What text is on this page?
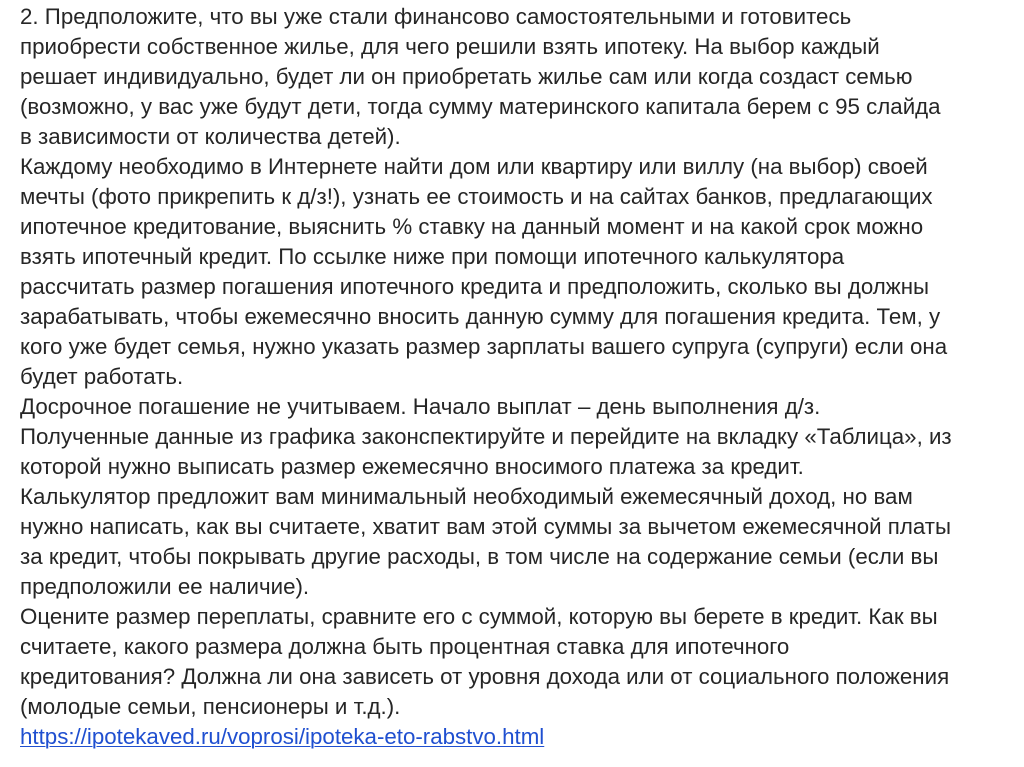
2. Предположите, что вы уже стали финансово самостоятельными и готовитесь
приобрести собственное жилье, для чего решили взять ипотеку. На выбор каждый
решает индивидуально, будет ли он приобретать жилье сам или когда создаст семью
(возможно, у вас уже будут дети, тогда сумму материнского капитала берем с 95 слайда
в зависимости от количества детей).
Каждому необходимо в Интернете найти дом или квартиру или виллу (на выбор) своей
мечты (фото прикрепить к д/з!), узнать ее стоимость и на сайтах банков, предлагающих
ипотечное кредитование, выяснить % ставку на данный момент и на какой срок можно
взять ипотечный кредит. По ссылке ниже при помощи ипотечного калькулятора
рассчитать размер погашения ипотечного кредита и предположить, сколько вы должны
зарабатывать, чтобы ежемесячно вносить данную сумму для погашения кредита. Тем, у
кого уже будет семья, нужно указать размер зарплаты вашего супруга (супруги) если она
будет работать.
Досрочное погашение не учитываем. Начало выплат – день выполнения д/з.
Полученные данные из графика законспектируйте и перейдите на вкладку «Таблица», из
которой нужно выписать размер ежемесячно вносимого платежа за кредит.
Калькулятор предложит вам минимальный необходимый ежемесячный доход, но вам
нужно написать, как вы считаете, хватит вам этой суммы за вычетом ежемесячной платы
за кредит, чтобы покрывать другие расходы, в том числе на содержание семьи (если вы
предположили ее наличие).
Оцените размер переплаты, сравните его с суммой, которую вы берете в кредит. Как вы
считаете, какого размера должна быть процентная ставка для ипотечного
кредитования? Должна ли она зависеть от уровня дохода или от социального положения
(молодые семьи, пенсионеры и т.д.).
https://ipotekaved.ru/voprosi/ipoteka-eto-rabstvo.html
